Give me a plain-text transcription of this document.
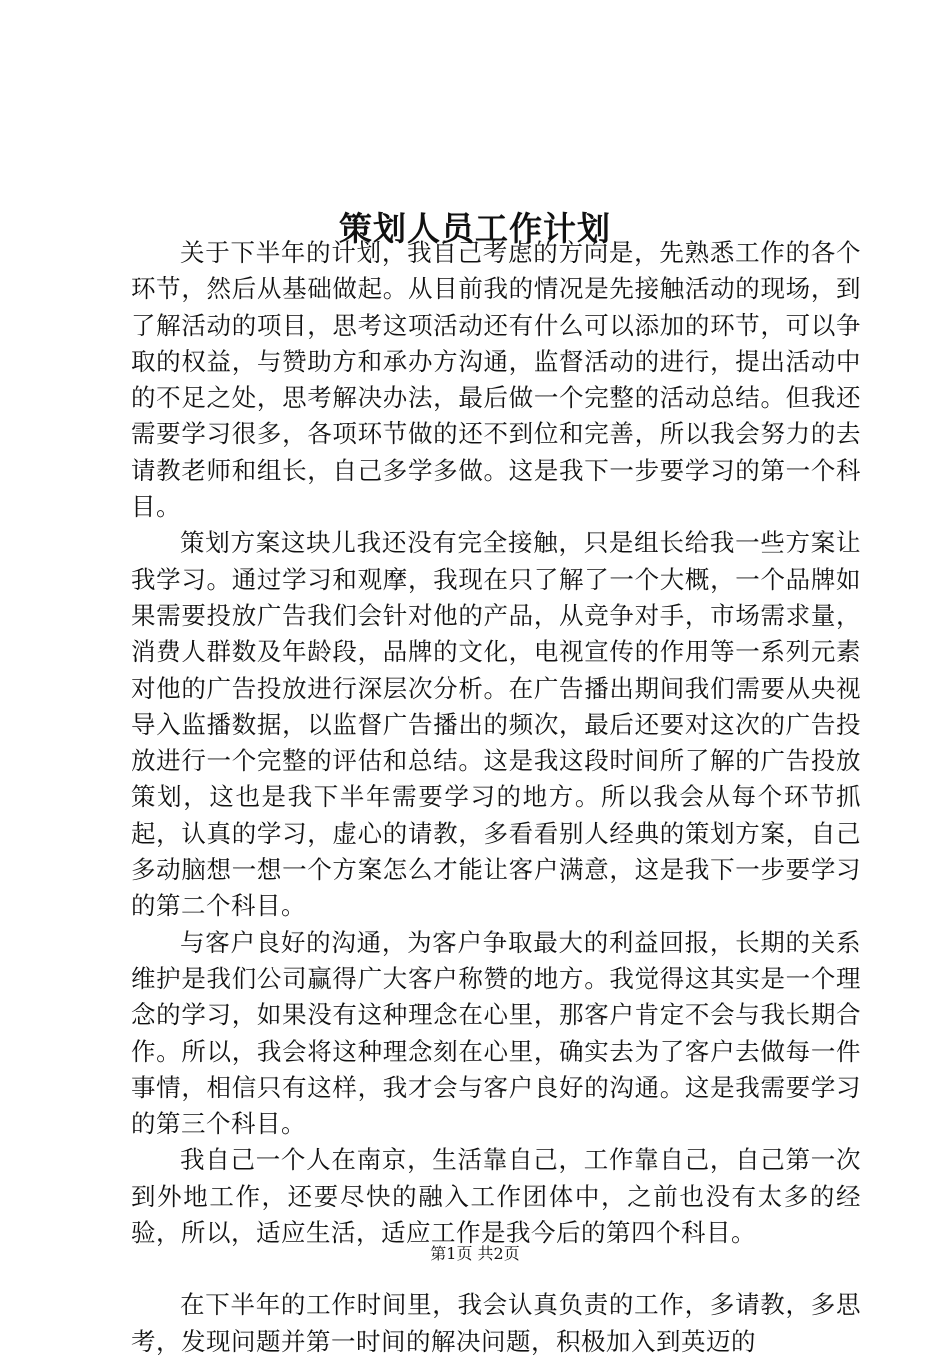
策划人员工作计划

关于下半年的计划，我自己考虑的方向是，先熟悉工作的各个环节，然后从基础做起。从目前我的情况是先接触活动的现场，到了解活动的项目，思考这项活动还有什么可以添加的环节，可以争取的权益，与赞助方和承办方沟通，监督活动的进行，提出活动中的不足之处，思考解决办法，最后做一个完整的活动总结。但我还需要学习很多，各项环节做的还不到位和完善，所以我会努力的去请教老师和组长，自己多学多做。这是我下一步要学习的第一个科目。

策划方案这块儿我还没有完全接触，只是组长给我一些方案让我学习。通过学习和观摩，我现在只了解了一个大概，一个品牌如果需要投放广告我们会针对他的产品，从竞争对手，市场需求量，消费人群数及年龄段，品牌的文化，电视宣传的作用等一系列元素对他的广告投放进行深层次分析。在广告播出期间我们需要从央视导入监播数据，以监督广告播出的频次，最后还要对这次的广告投放进行一个完整的评估和总结。这是我这段时间所了解的广告投放策划，这也是我下半年需要学习的地方。所以我会从每个环节抓起，认真的学习，虚心的请教，多看看别人经典的策划方案，自己多动脑想一想一个方案怎么才能让客户满意，这是我下一步要学习的第二个科目。

与客户良好的沟通，为客户争取最大的利益回报，长期的关系维护是我们公司赢得广大客户称赞的地方。我觉得这其实是一个理念的学习，如果没有这种理念在心里，那客户肯定不会与我长期合作。所以，我会将这种理念刻在心里，确实去为了客户去做每一件事情，相信只有这样，我才会与客户良好的沟通。这是我需要学习的第三个科目。

我自己一个人在南京，生活靠自己，工作靠自己，自己第一次到外地工作，还要尽快的融入工作团体中，之前也没有太多的经验，所以，适应生活，适应工作是我今后的第四个科目。

在下半年的工作时间里，我会认真负责的工作，多请教，多思考，发现问题并第一时间的解决问题，积极加入到英迈的

第1页 共2页
